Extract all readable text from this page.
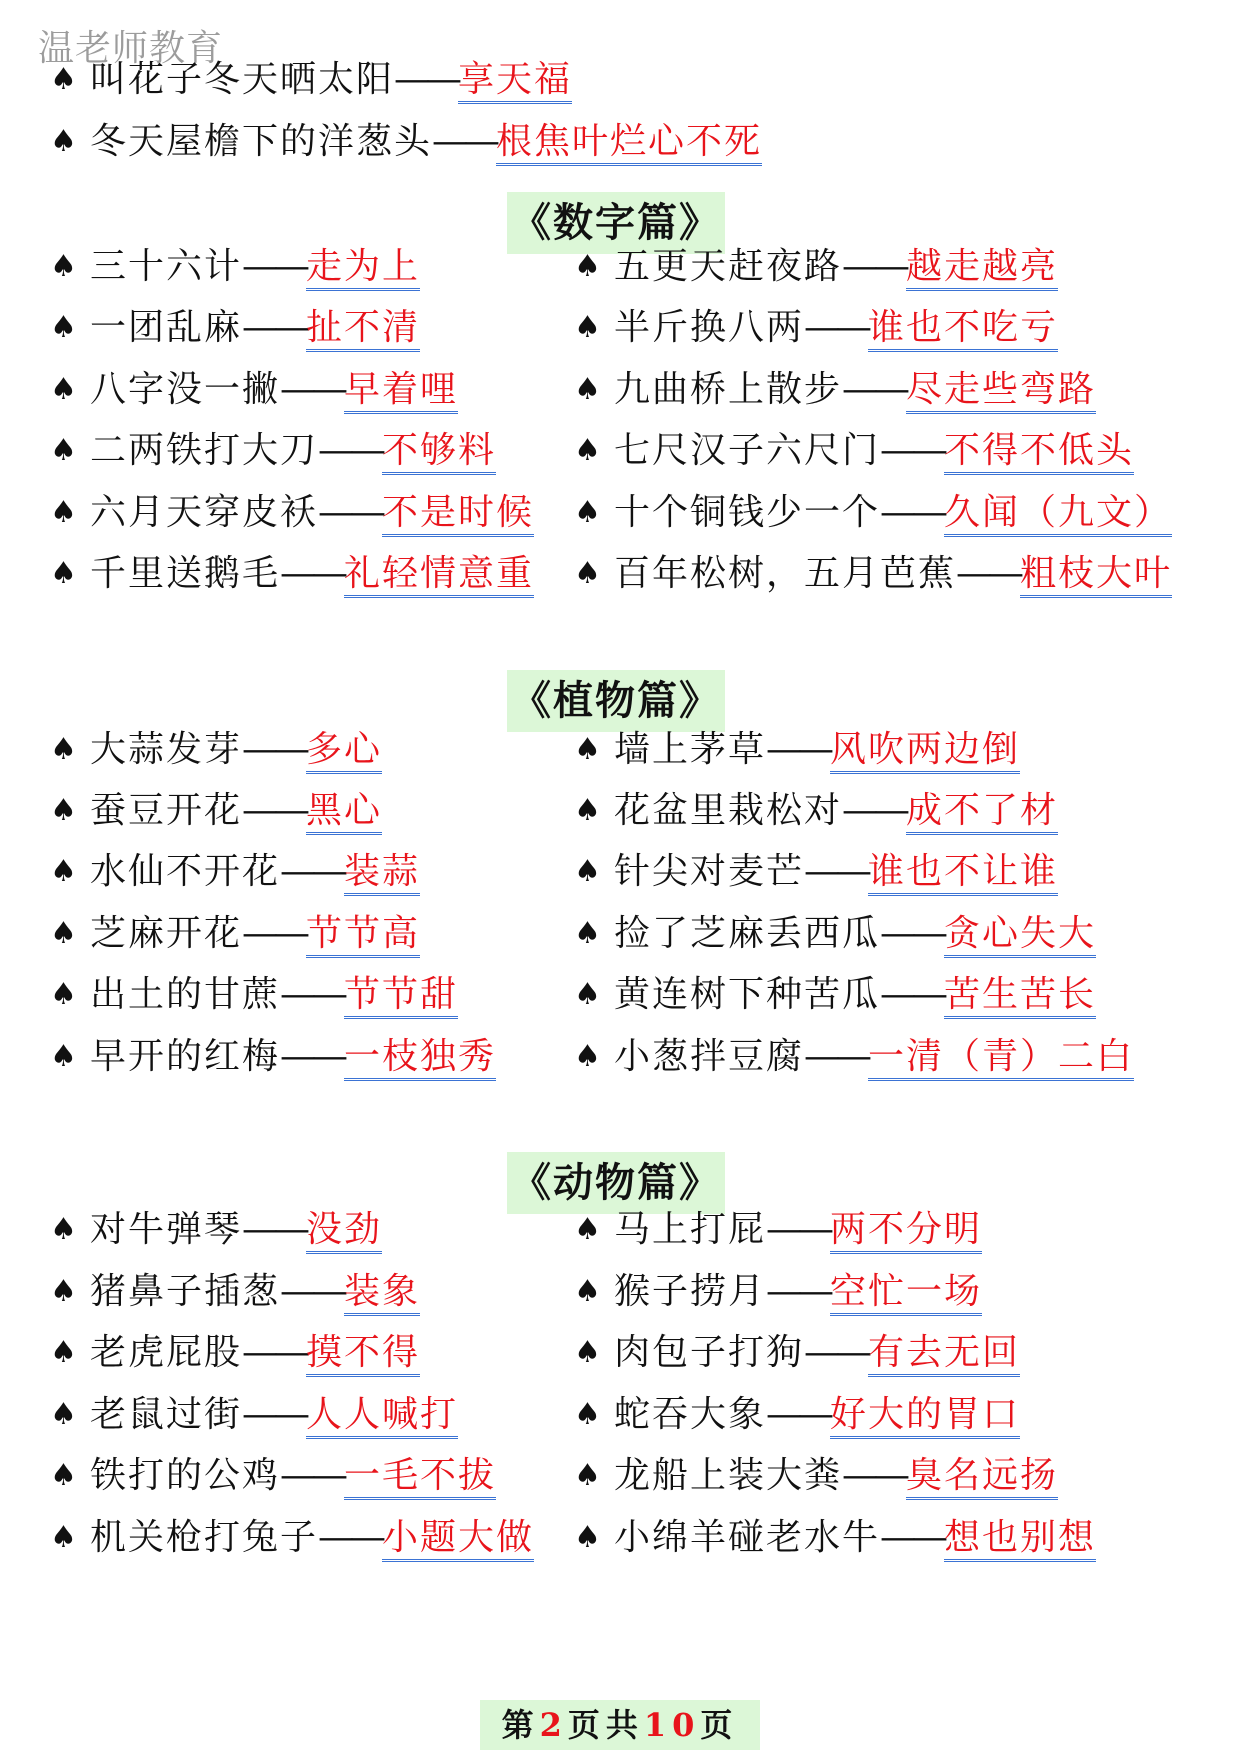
温老师教育
♠ 叫花子冬天晒太阳——享天福
♠ 冬天屋檐下的洋葱头——根焦叶烂心不死
《数字篇》
♠ 三十六计——走为上
♠ 一团乱麻——扯不清
♠ 八字没一撇——早着哩
♠ 二两铁打大刀——不够料
♠ 六月天穿皮袄——不是时候
♠ 千里送鹅毛——礼轻情意重
♠ 五更天赶夜路——越走越亮
♠ 半斤换八两——谁也不吃亏
♠ 九曲桥上散步——尽走些弯路
♠ 七尺汉子六尺门——不得不低头
♠ 十个铜钱少一个——久闻（九文）
♠ 百年松树，五月芭蕉——粗枝大叶
《植物篇》
♠ 大蒜发芽——多心
♠ 蚕豆开花——黑心
♠ 水仙不开花——装蒜
♠ 芝麻开花——节节高
♠ 出土的甘蔗——节节甜
♠ 早开的红梅——一枝独秀
♠ 墙上茅草——风吹两边倒
♠ 花盆里栽松对——成不了材
♠ 针尖对麦芒——谁也不让谁
♠ 捡了芝麻丢西瓜——贪心失大
♠ 黄连树下种苦瓜——苦生苦长
♠ 小葱拌豆腐——一清（青）二白
《动物篇》
♠ 对牛弹琴——没劲
♠ 猪鼻子插葱——装象
♠ 老虎屁股——摸不得
♠ 老鼠过街——人人喊打
♠ 铁打的公鸡——一毛不拔
♠ 机关枪打兔子——小题大做
♠ 马上打屁——两不分明
♠ 猴子捞月——空忙一场
♠ 肉包子打狗——有去无回
♠ 蛇吞大象——好大的胃口
♠ 龙船上装大粪——臭名远扬
♠ 小绵羊碰老水牛——想也别想
第2页共10页
